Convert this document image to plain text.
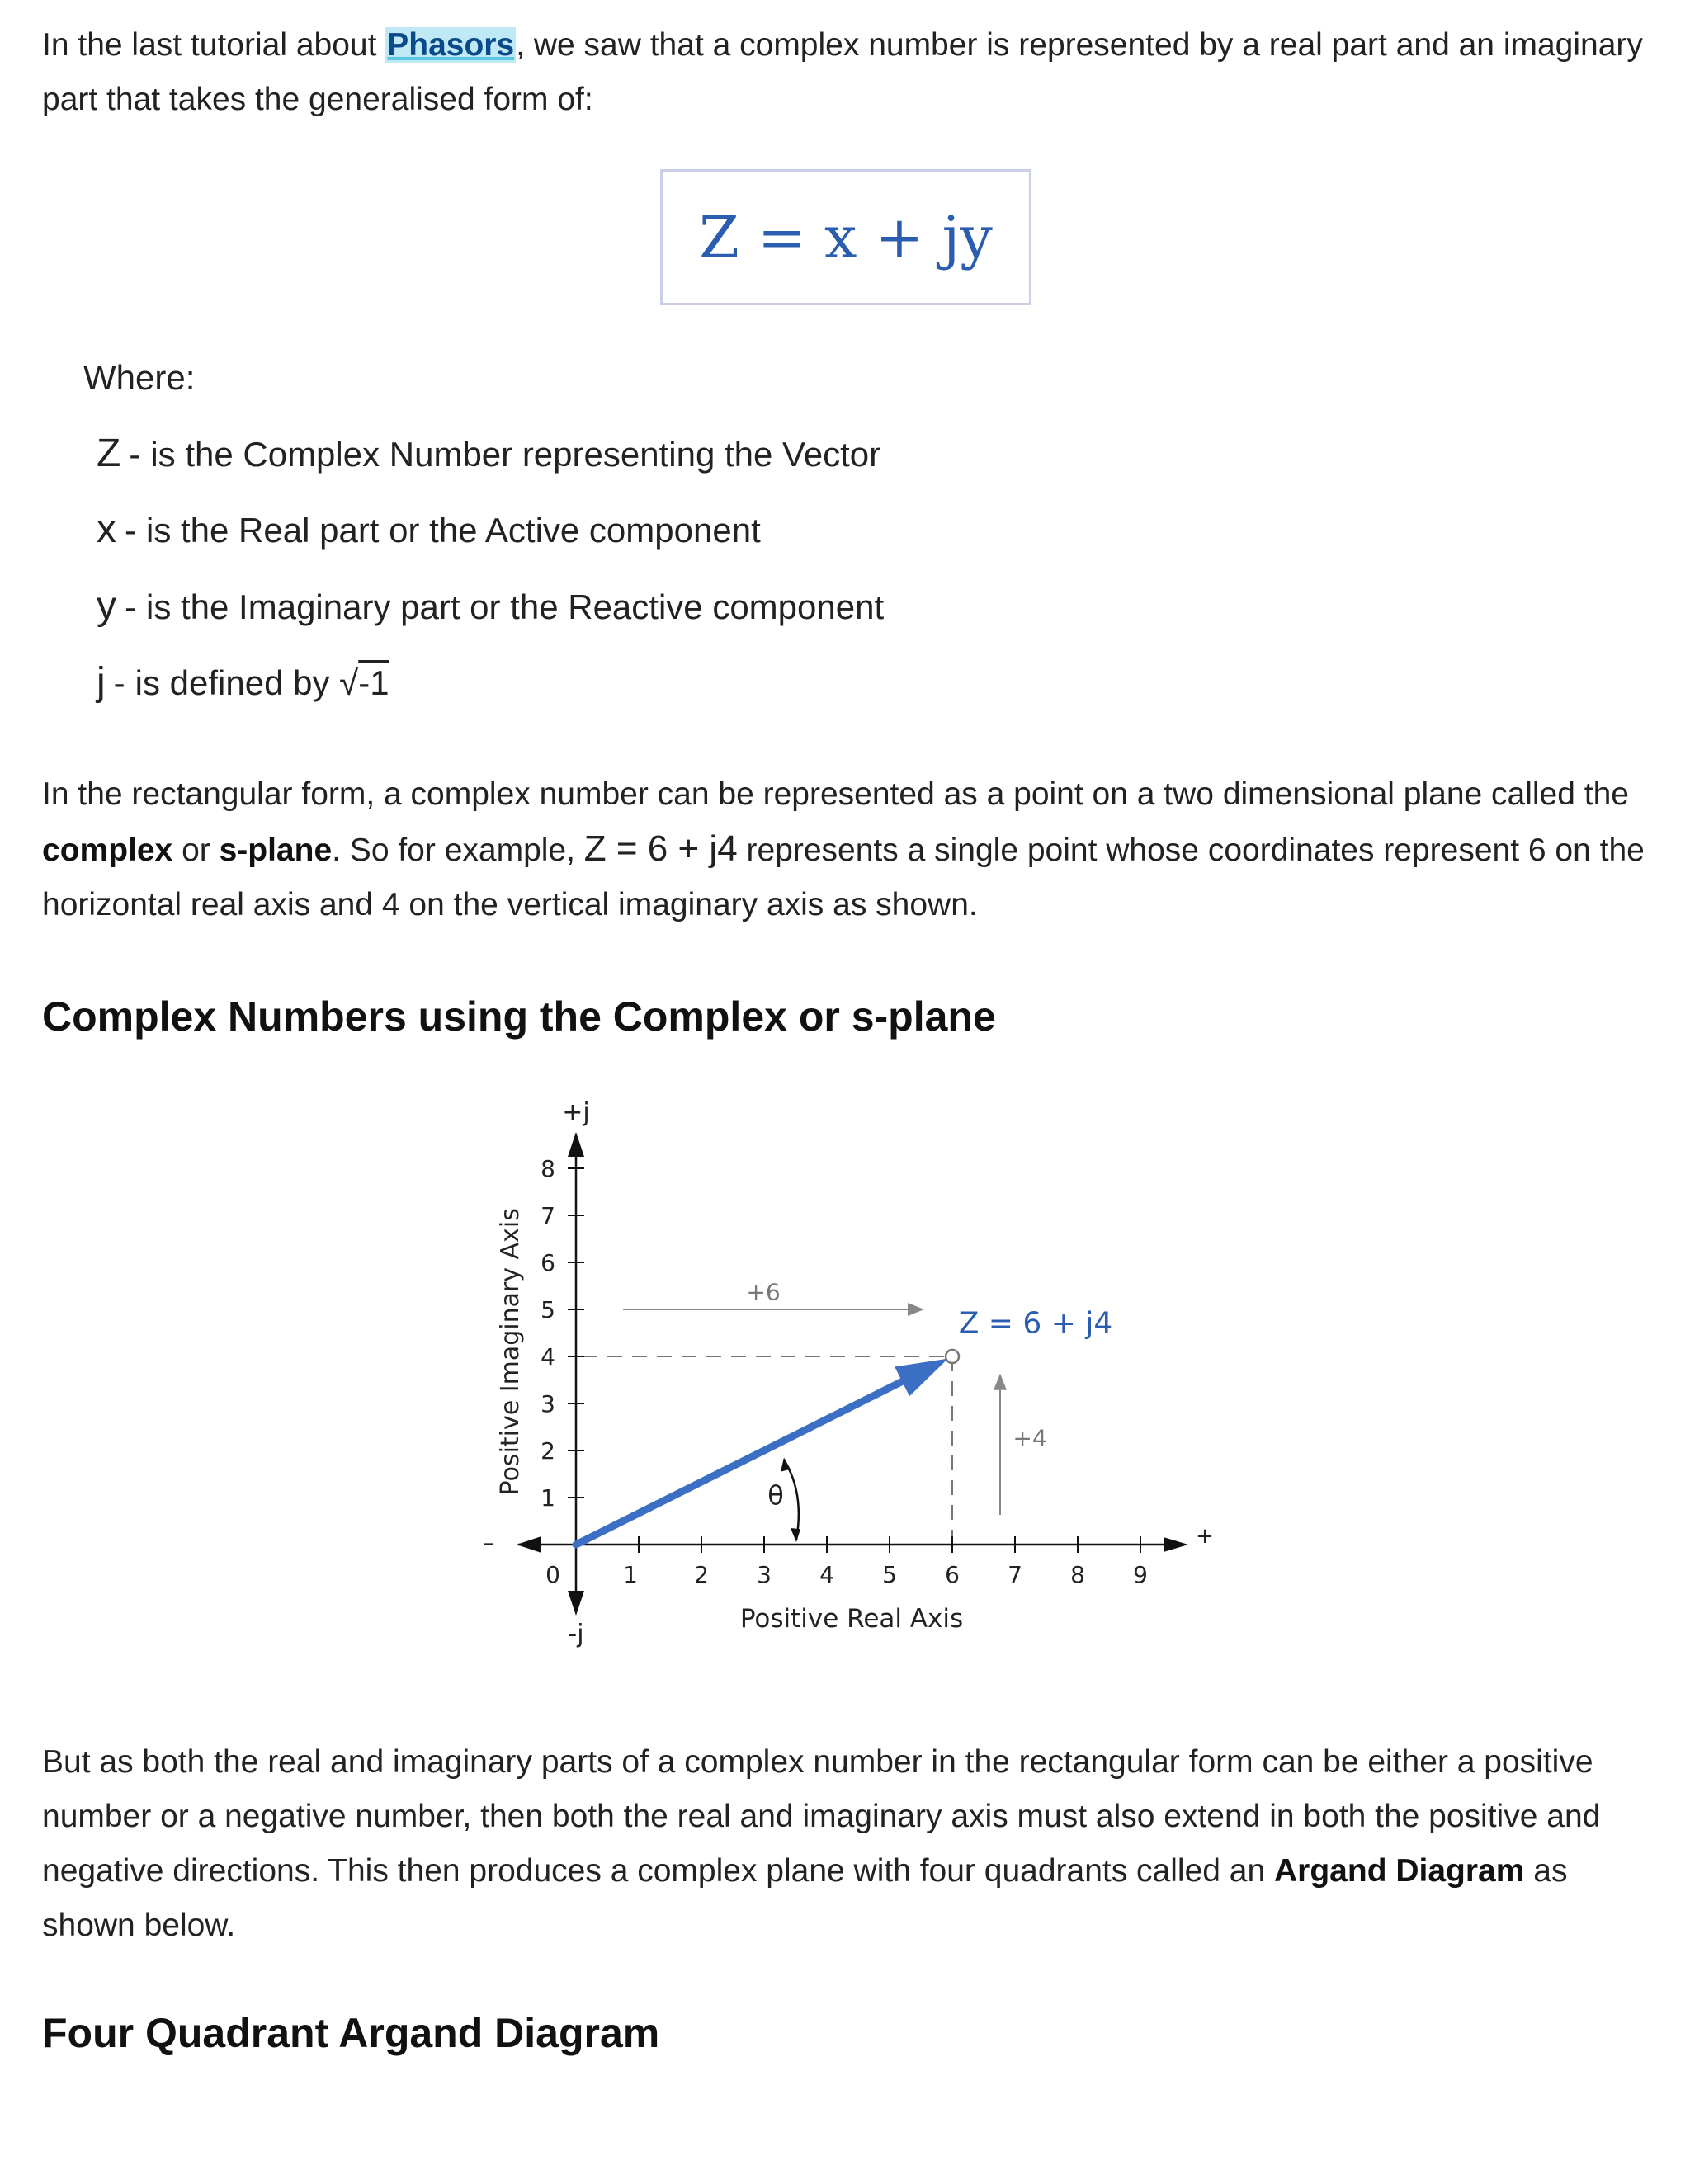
In the last tutorial about Phasors, we saw that a complex number is represented by a real part and an imaginary part that takes the generalised form of:

Z = x + jy
Where:
Z - is the Complex Number representing the Vector
x - is the Real part or the Active component
y - is the Imaginary part or the Reactive component
j - is defined by √-1

In the rectangular form, a complex number can be represented as a point on a two dimensional plane called the complex or s-plane. So for example, Z = 6 + j4 represents a single point whose coordinates represent 6 on the horizontal real axis and 4 on the vertical imaginary axis as shown.

Complex Numbers using the Complex or s-plane
0	1 2 3 4 5 6 7 8 9
1
2
3
4
5
6
7
8
+j
-j
+
–
Positive Imaginary Axis
Positive Real Axis
+6
+4
Z = 6 + j4
θ

But as both the real and imaginary parts of a complex number in the rectangular form can be either a positive number or a negative number, then both the real and imaginary axis must also extend in both the positive and negative directions. This then produces a complex plane with four quadrants called an Argand Diagram as shown below.

Four Quadrant Argand Diagram
